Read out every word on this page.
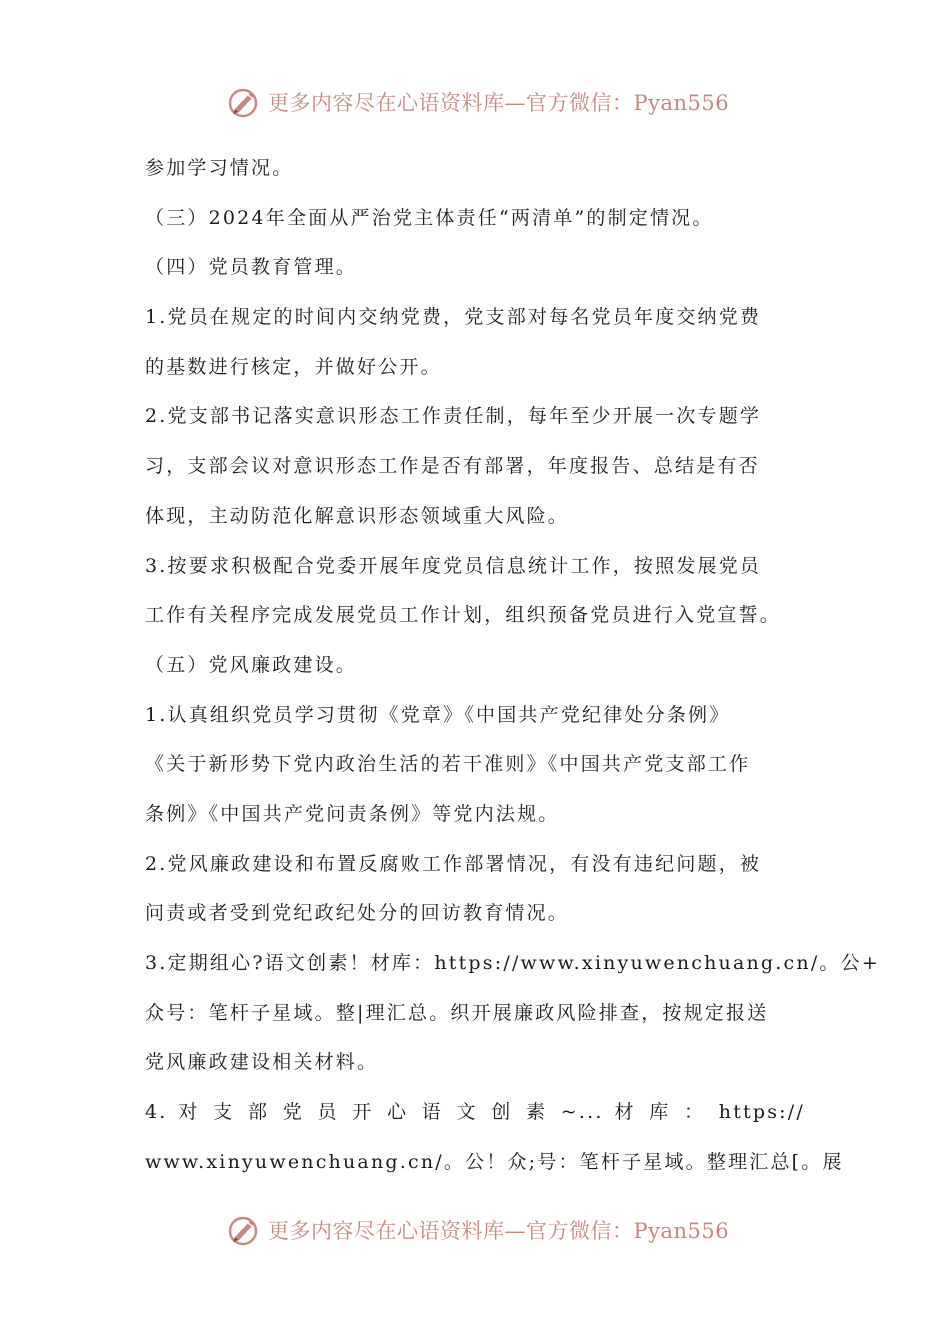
更多内容尽在心语资料库—官方微信：Pyan556
参加学习情况。
（三）2024年全面从严治党主体责任“两清单”的制定情况。
（四）党员教育管理。
1.党员在规定的时间内交纳党费，党支部对每名党员年度交纳党费
的基数进行核定，并做好公开。
2.党支部书记落实意识形态工作责任制，每年至少开展一次专题学
习，支部会议对意识形态工作是否有部署，年度报告、总结是有否
体现，主动防范化解意识形态领域重大风险。
3.按要求积极配合党委开展年度党员信息统计工作，按照发展党员
工作有关程序完成发展党员工作计划，组织预备党员进行入党宣誓。
（五）党风廉政建设。
1.认真组织党员学习贯彻《党章》《中国共产党纪律处分条例》
《关于新形势下党内政治生活的若干准则》《中国共产党支部工作
条例》《中国共产党问责条例》等党内法规。
2.党风廉政建设和布置反腐败工作部署情况，有没有违纪问题，被
问责或者受到党纪政纪处分的回访教育情况。
3.定期组心?语文创素！材库：https://www.xinyuwenchuang.cn/。公+
众号：笔杆子星域。整|理汇总。织开展廉政风险排查，按规定报送
党风廉政建设相关材料。
4. 对 支 部 党 员 开 心 语 文 创 素 ~... 材 库 ： https://
www.xinyuwenchuang.cn/。公！众;号：笔杆子星域。整理汇总[。展
更多内容尽在心语资料库—官方微信：Pyan556
